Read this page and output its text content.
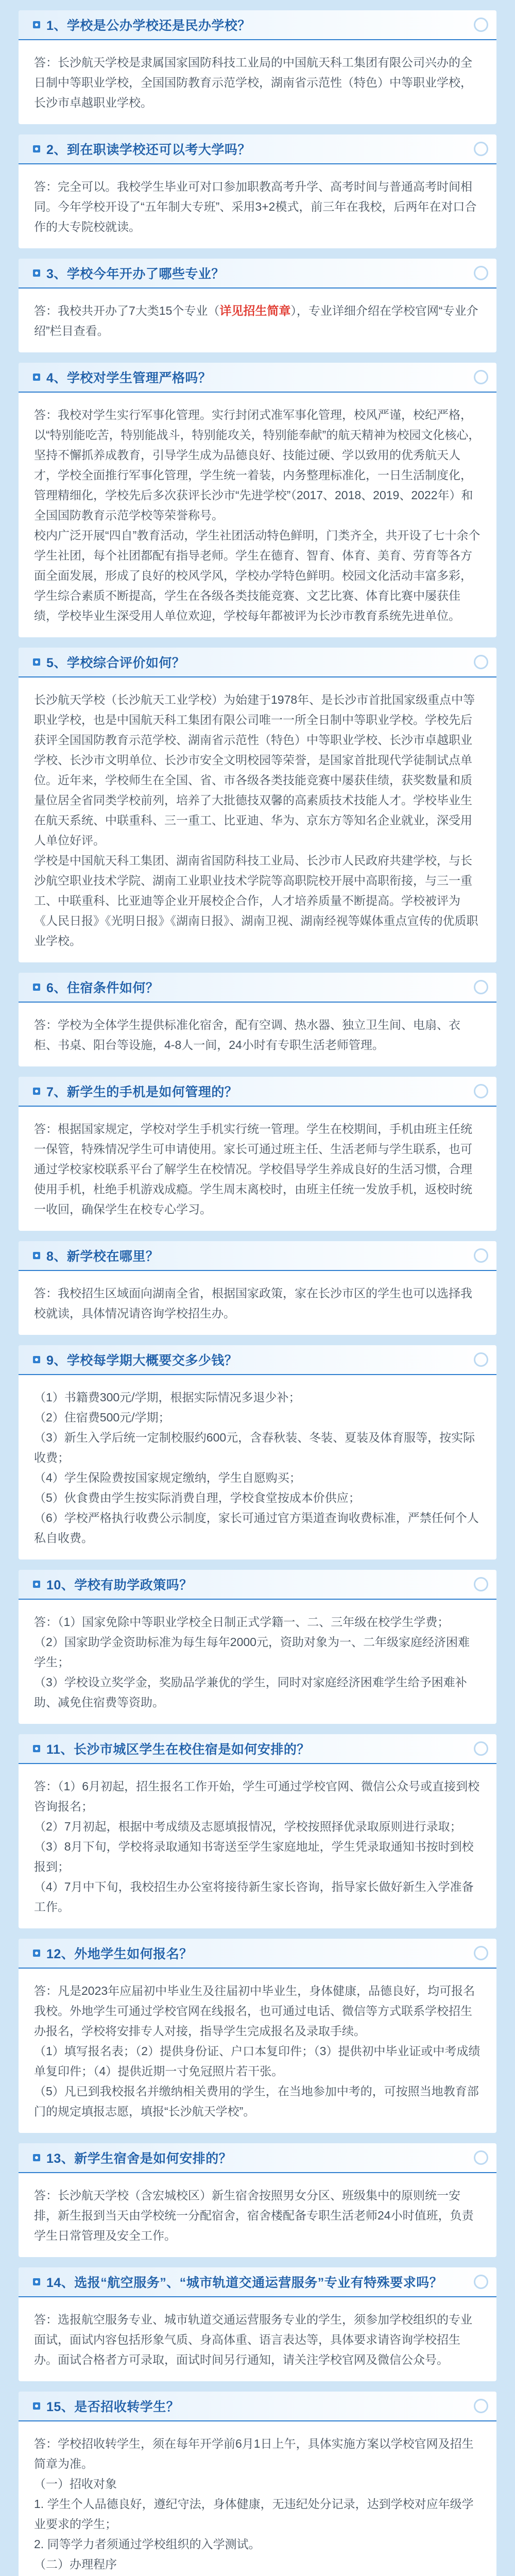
1、学校是公办学校还是民办学校？

答：长沙航天学校是隶属国家国防科技工业局的中国航天科工集团有限公司兴办的全日制中等职业学校，全国国防教育示范学校，湖南省示范性（特色）中等职业学校，长沙市卓越职业学校。

2、到在职读学校还可以考大学吗？

答：完全可以。我校学生毕业可对口参加职教高考升学、高考时间与普通高考时间相同。今年学校开设了“五年制大专班”、采用3+2模式，前三年在我校，后两年在对口合作的大专院校就读。

3、学校今年开办了哪些专业？

答：我校共开办了7大类15个专业（详见招生简章），专业详细介绍在学校官网“专业介绍”栏目查看。

4、学校对学生管理严格吗？

答：我校对学生实行军事化管理。实行封闭式准军事化管理，校风严谨，校纪严格，以“特别能吃苦，特别能战斗，特别能攻关，特别能奉献”的航天精神为校园文化核心，坚持不懈抓养成教育，引导学生成为品德良好、技能过硬、学以致用的优秀航天人才，学校全面推行军事化管理，学生统一着装，内务整理标准化，一日生活制度化，管理精细化，学校先后多次获评长沙市“先进学校”（2017、2018、2019、2022年）和全国国防教育示范学校等荣誉称号。

校内广泛开展“四自”教育活动，学生社团活动特色鲜明，门类齐全，共开设了七十余个学生社团，每个社团都配有指导老师。学生在德育、智育、体育、美育、劳育等各方面全面发展，形成了良好的校风学风，学校办学特色鲜明。校园文化活动丰富多彩，学生综合素质不断提高，学生在各级各类技能竞赛、文艺比赛、体育比赛中屡获佳绩，学校毕业生深受用人单位欢迎，学校每年都被评为长沙市教育系统先进单位。

5、学校综合评价如何？

长沙航天学校（长沙航天工业学校）为始建于1978年、是长沙市首批国家级重点中等职业学校，也是中国航天科工集团有限公司唯一一所全日制中等职业学校。学校先后获评全国国防教育示范学校、湖南省示范性（特色）中等职业学校、长沙市卓越职业学校、长沙市文明单位、长沙市安全文明校园等荣誉，是国家首批现代学徒制试点单位。近年来，学校师生在全国、省、市各级各类技能竞赛中屡获佳绩，获奖数量和质量位居全省同类学校前列，培养了大批德技双馨的高素质技术技能人才。学校毕业生在航天系统、中联重科、三一重工、比亚迪、华为、京东方等知名企业就业，深受用人单位好评。

学校是中国航天科工集团、湖南省国防科技工业局、长沙市人民政府共建学校，与长沙航空职业技术学院、湖南工业职业技术学院等高职院校开展中高职衔接，与三一重工、中联重科、比亚迪等企业开展校企合作，人才培养质量不断提高。学校被评为《人民日报》《光明日报》《湖南日报》、湖南卫视、湖南经视等媒体重点宣传的优质职业学校。

6、住宿条件如何？

答：学校为全体学生提供标准化宿舍，配有空调、热水器、独立卫生间、电扇、衣柜、书桌、阳台等设施，4-8人一间，24小时有专职生活老师管理。

7、新学生的手机是如何管理的？

答：根据国家规定，学校对学生手机实行统一管理。学生在校期间，手机由班主任统一保管，特殊情况学生可申请使用。家长可通过班主任、生活老师与学生联系，也可通过学校家校联系平台了解学生在校情况。学校倡导学生养成良好的生活习惯，合理使用手机，杜绝手机游戏成瘾。学生周末离校时，由班主任统一发放手机，返校时统一收回，确保学生在校专心学习。

8、新学校在哪里？

答：我校招生区域面向湖南全省，根据国家政策，家在长沙市区的学生也可以选择我校就读，具体情况请咨询学校招生办。

9、学校每学期大概要交多少钱？

（1）书籍费300元/学期，根据实际情况多退少补；

（2）住宿费500元/学期；

（3）新生入学后统一定制校服约600元，含春秋装、冬装、夏装及体育服等，按实际收费；

（4）学生保险费按国家规定缴纳，学生自愿购买；

（5）伙食费由学生按实际消费自理，学校食堂按成本价供应；

（6）学校严格执行收费公示制度，家长可通过官方渠道查询收费标准，严禁任何个人私自收费。

10、学校有助学政策吗？

答：（1）国家免除中等职业学校全日制正式学籍一、二、三年级在校学生学费；

（2）国家助学金资助标准为每生每年2000元，资助对象为一、二年级家庭经济困难学生；

（3）学校设立奖学金，奖励品学兼优的学生，同时对家庭经济困难学生给予困难补助、减免住宿费等资助。

11、长沙市城区学生在校住宿是如何安排的？

答：（1）6月初起，招生报名工作开始，学生可通过学校官网、微信公众号或直接到校咨询报名；

（2）7月初起，根据中考成绩及志愿填报情况，学校按照择优录取原则进行录取；

（3）8月下旬，学校将录取通知书寄送至学生家庭地址，学生凭录取通知书按时到校报到；

（4）7月中下旬，我校招生办公室将接待新生家长咨询，指导家长做好新生入学准备工作。

12、外地学生如何报名？

答：凡是2023年应届初中毕业生及往届初中毕业生，身体健康，品德良好，均可报名我校。外地学生可通过学校官网在线报名，也可通过电话、微信等方式联系学校招生办报名，学校将安排专人对接，指导学生完成报名及录取手续。

（1）填写报名表；（2）提供身份证、户口本复印件；（3）提供初中毕业证或中考成绩单复印件；（4）提供近期一寸免冠照片若干张。

（5）凡已到我校报名并缴纳相关费用的学生，在当地参加中考的，可按照当地教育部门的规定填报志愿，填报“长沙航天学校”。

13、新学生宿舍是如何安排的？

答：长沙航天学校（含宏城校区）新生宿舍按照男女分区、班级集中的原则统一安排，新生报到当天由学校统一分配宿舍，宿舍楼配备专职生活老师24小时值班，负责学生日常管理及安全工作。

14、选报“航空服务”、“城市轨道交通运营服务”专业有特殊要求吗？

答：选报航空服务专业、城市轨道交通运营服务专业的学生，须参加学校组织的专业面试，面试内容包括形象气质、身高体重、语言表达等，具体要求请咨询学校招生办。面试合格者方可录取，面试时间另行通知，请关注学校官网及微信公众号。

15、是否招收转学生？

答：学校招收转学生，须在每年开学前6月1日上午，具体实施方案以学校官网及招生简章为准。

（一）招收对象

1. 学生个人品德良好，遵纪守法，身体健康，无违纪处分记录，达到学校对应年级学业要求的学生；

2. 同等学力者须通过学校组织的入学测试。

（二）办理程序
